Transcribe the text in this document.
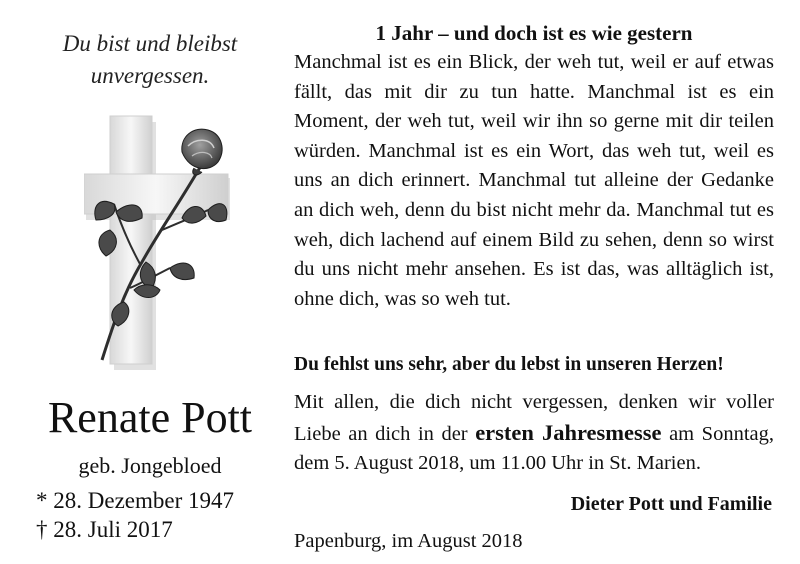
Du bist und bleibst
unvergessen.
Renate Pott
geb. Jongebloed
* 28. Dezember 1947
† 28. Juli 2017
1 Jahr – und doch ist es wie gestern

Manchmal ist es ein Blick, der weh tut, weil er auf etwas fällt, das mit dir zu tun hatte. Manchmal ist es ein Moment, der weh tut, weil wir ihn so gerne mit dir teilen würden. Manchmal ist es ein Wort, das weh tut, weil es uns an dich erinnert. Manchmal tut alleine der Gedanke an dich weh, denn du bist nicht mehr da. Manchmal tut es weh, dich lachend auf einem Bild zu sehen, denn so wirst du uns nicht mehr ansehen. Es ist das, was alltäglich ist, ohne dich, was so weh tut.

Du fehlst uns sehr, aber du lebst in unseren Herzen!

Mit allen, die dich nicht vergessen, denken wir voller Liebe an dich in der ersten Jahresmesse am Sonntag, dem 5. August 2018, um 11.00 Uhr in St. Marien.

Dieter Pott und Familie
Papenburg, im August 2018
